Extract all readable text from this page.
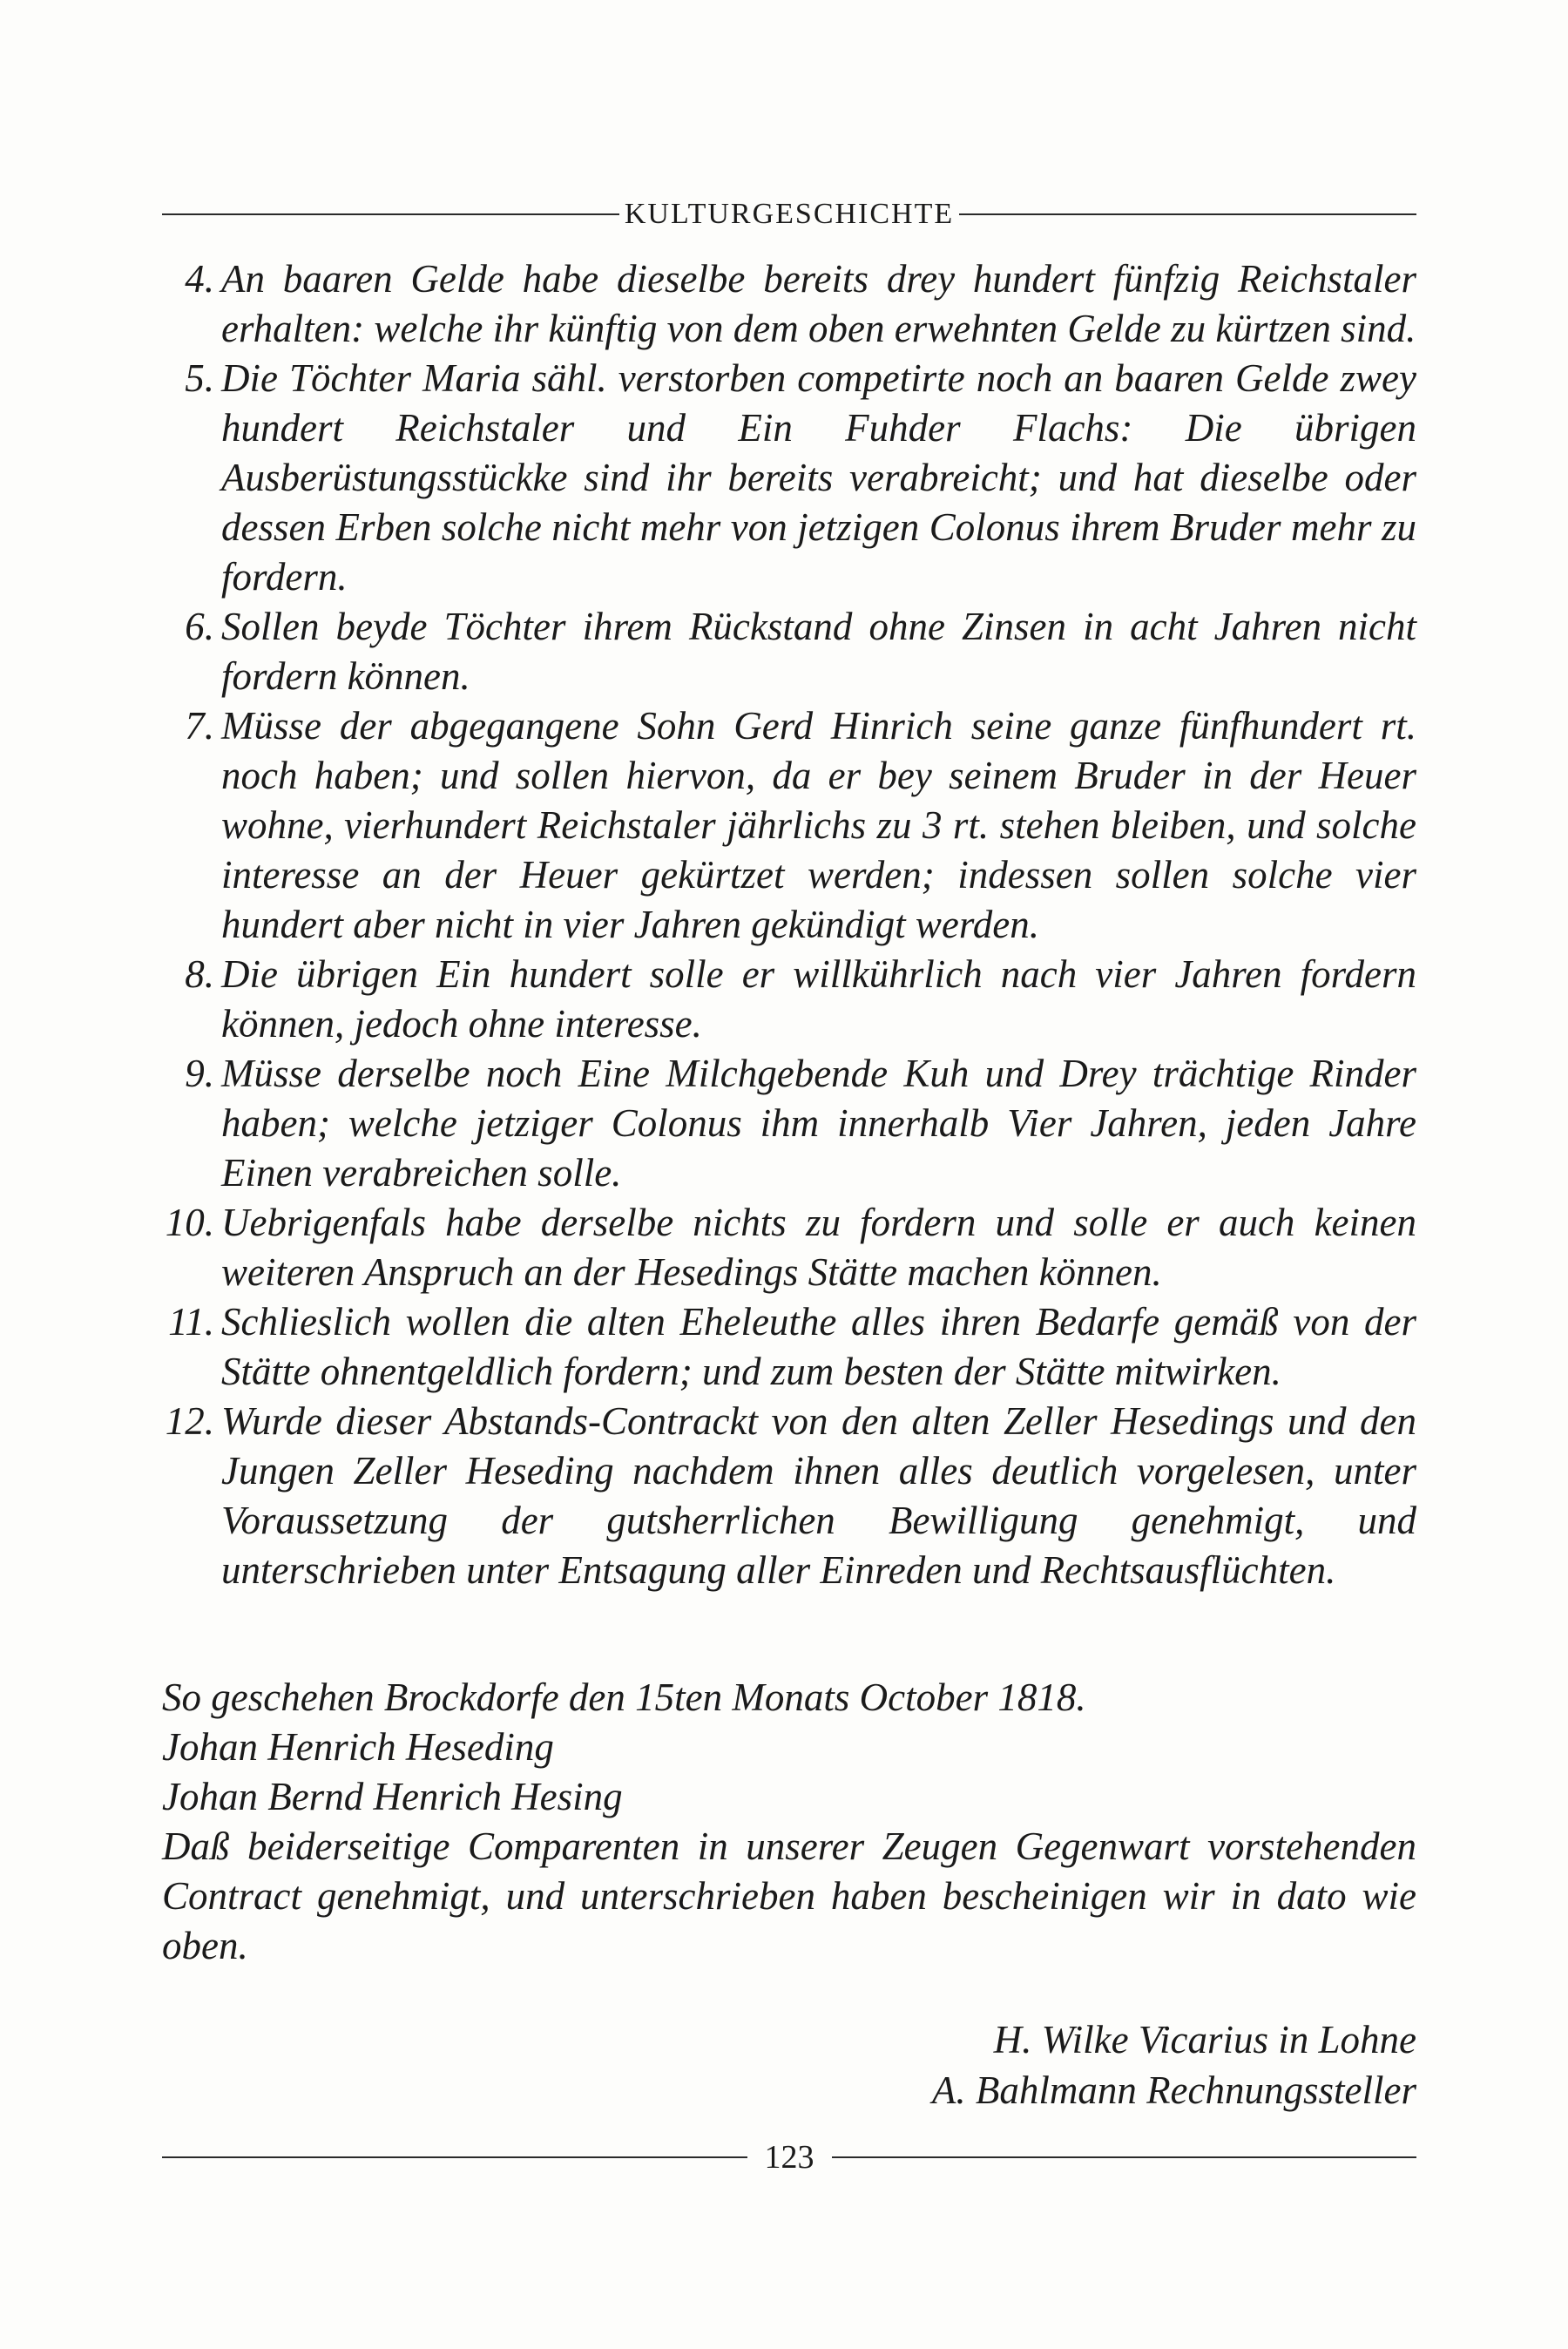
KULTURGESCHICHTE
4. An baaren Gelde habe dieselbe bereits drey hundert fünfzig Reichstaler erhalten: welche ihr künftig von dem oben erwehnten Gelde zu kürtzen sind.
5. Die Töchter Maria sähl. verstorben competirte noch an baaren Gelde zwey hundert Reichstaler und Ein Fuhder Flachs: Die übrigen Ausberüstungsstückke sind ihr bereits verabreicht; und hat dieselbe oder dessen Erben solche nicht mehr von jetzigen Colonus ihrem Bruder mehr zu fordern.
6. Sollen beyde Töchter ihrem Rückstand ohne Zinsen in acht Jahren nicht fordern können.
7. Müsse der abgegangene Sohn Gerd Hinrich seine ganze fünfhundert rt. noch haben; und sollen hiervon, da er bey seinem Bruder in der Heuer wohne, vierhundert Reichstaler jährlichs zu 3 rt. stehen bleiben, und solche interesse an der Heuer gekürtzet werden; indessen sollen solche vier hundert aber nicht in vier Jahren gekündigt werden.
8. Die übrigen Ein hundert solle er willkührlich nach vier Jahren fordern können, jedoch ohne interesse.
9. Müsse derselbe noch Eine Milchgebende Kuh und Drey trächtige Rinder haben; welche jetziger Colonus ihm innerhalb Vier Jahren, jeden Jahre Einen verabreichen solle.
10. Uebrigenfals habe derselbe nichts zu fordern und solle er auch keinen weiteren Anspruch an der Hesedings Stätte machen können.
11. Schlieslich wollen die alten Eheleuthe alles ihren Bedarfe gemäß von der Stätte ohnentgeldlich fordern; und zum besten der Stätte mitwirken.
12. Wurde dieser Abstands-Contrackt von den alten Zeller Hesedings und den Jungen Zeller Heseding nachdem ihnen alles deutlich vorgelesen, unter Voraussetzung der gutsherrlichen Bewilligung genehmigt, und unterschrieben unter Entsagung aller Einreden und Rechtsausflüchten.

So geschehen Brockdorfe den 15ten Monats October 1818.

Johan Henrich Heseding

Johan Bernd Henrich Hesing

Daß beiderseitige Comparenten in unserer Zeugen Gegenwart vorstehenden Contract genehmigt, und unterschrieben haben bescheinigen wir in dato wie oben.

H. Wilke Vicarius in Lohne
A. Bahlmann Rechnungssteller
123
